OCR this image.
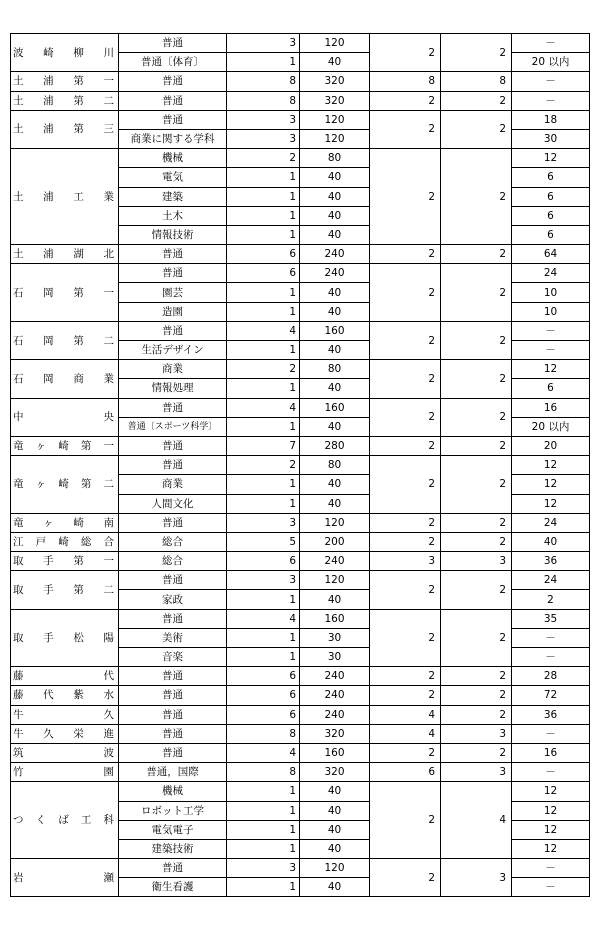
波崎柳川	普通	3	120	2	2	－
	普通〔体育〕	1	40			20 以内
土浦第一	普通	8	320	8	8	－
土浦第二	普通	8	320	2	2	－
土浦第三	普通	3	120	2	2	18
	商業に関する学科	3	120			30
土浦工業	機械	2	80	2	2	12
	電気	1	40			6
	建築	1	40			6
	土木	1	40			6
	情報技術	1	40			6
土浦湖北	普通	6	240	2	2	64
石岡第一	普通	6	240	2	2	24
	園芸	1	40			10
	造園	1	40			10
石岡第二	普通	4	160	2	2	－
	生活デザイン	1	40			－
石岡商業	商業	2	80	2	2	12
	情報処理	1	40			6
中央	普通	4	160	2	2	16
	普通〔スポーツ科学〕	1	40			20 以内
竜ヶ崎第一	普通	7	280	2	2	20
竜ヶ崎第二	普通	2	80	2	2	12
	商業	1	40			12
	人間文化	1	40			12
竜ヶ崎南	普通	3	120	2	2	24
江戸崎総合	総合	5	200	2	2	40
取手第一	総合	6	240	3	3	36
取手第二	普通	3	120	2	2	24
	家政	1	40			2
取手松陽	普通	4	160	2	2	35
	美術	1	30			－
	音楽	1	30			－
藤代	普通	6	240	2	2	28
藤代紫水	普通	6	240	2	2	72
牛久	普通	6	240	4	2	36
牛久栄進	普通	8	320	4	3	－
筑波	普通	4	160	2	2	16
竹園	普通，国際	8	320	6	3	－
つくば工科	機械	1	40	2	4	12
	ロボット工学	1	40			12
	電気電子	1	40			12
	建築技術	1	40			12
岩瀬	普通	3	120	2	3	－
	衛生看護	1	40			－
